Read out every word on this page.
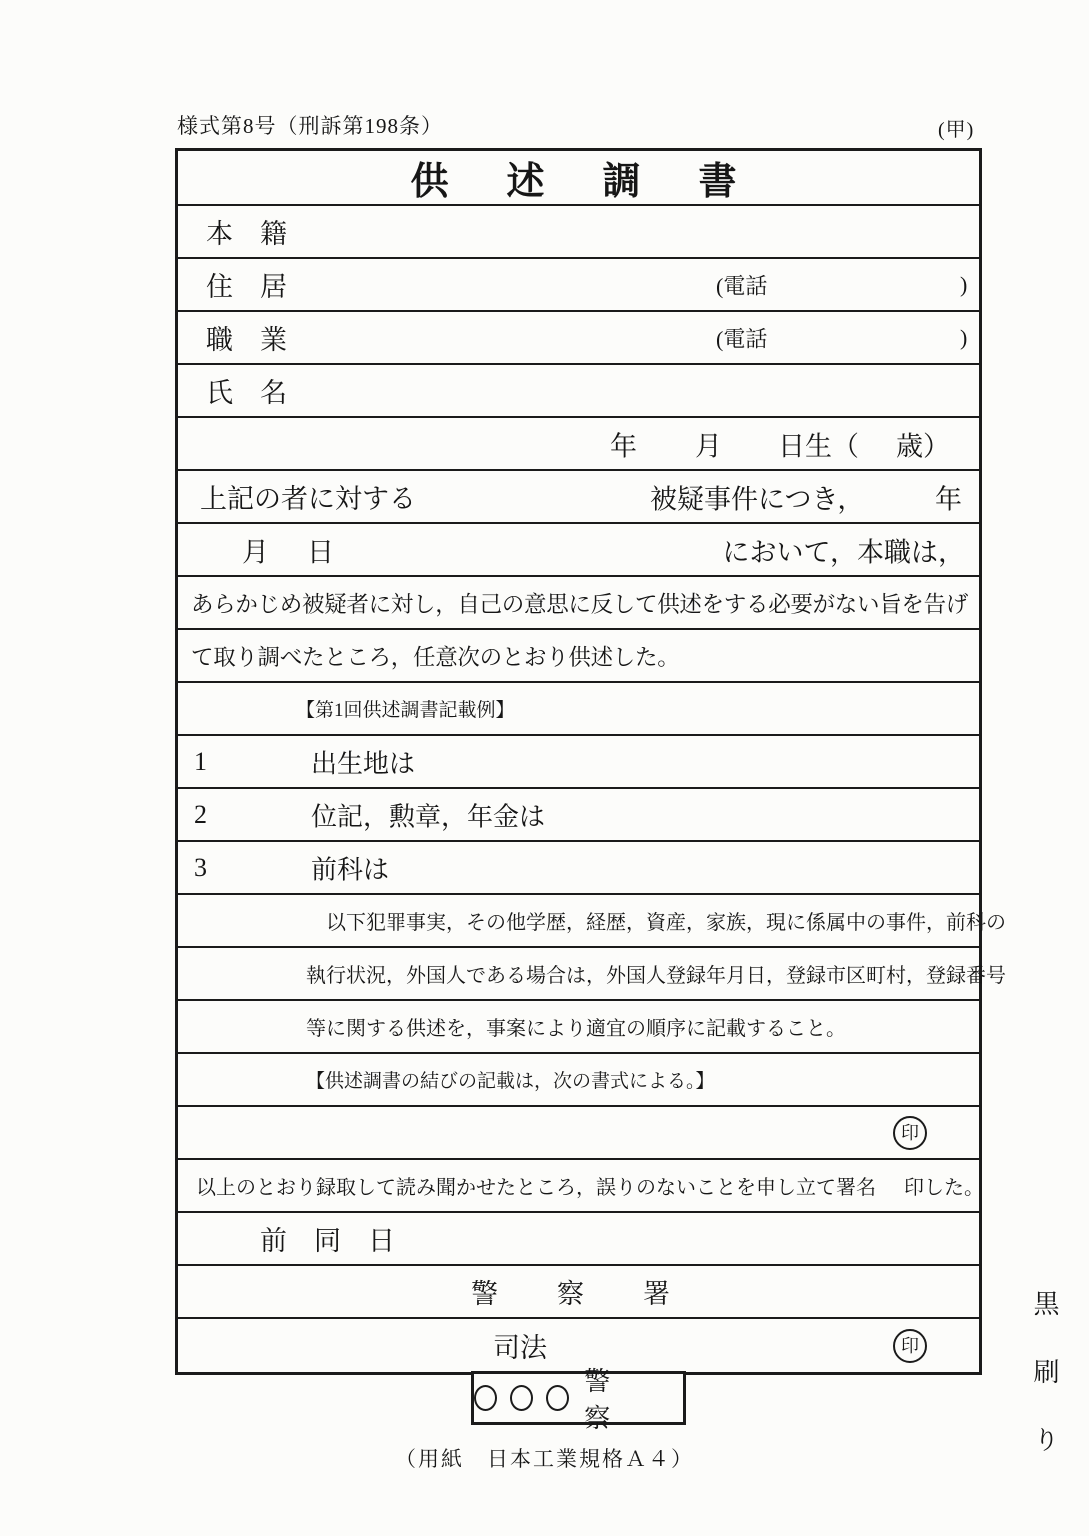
様式第8号（刑訴第198条）	(甲)
供　述　調　書
本　籍
住　居	(電話	)
職　業	(電話	)
氏　名
年 月 日生（ 歳）
上記の者に対する	被疑事件につき，	年
月 日	において，本職は，
あらかじめ被疑者に対し，自己の意思に反して供述をする必要がない旨を告げ
て取り調べたところ，任意次のとおり供述した。
【第1回供述調書記載例】
1	出生地は
2	位記，勲章，年金は
3	前科は
以下犯罪事実，その他学歴，経歴，資産，家族，現に係属中の事件，前科の
執行状況，外国人である場合は，外国人登録年月日，登録市区町村，登録番号
等に関する供述を，事案により適宜の順序に記載すること。
【供述調書の結びの記載は，次の書式による。】
印
以上のとおり録取して読み聞かせたところ，誤りのないことを申し立て署名 印した。
前　同　日
警　察　署
司法	印
警　察
（用紙　日本工業規格Ａ４）	黒刷り
